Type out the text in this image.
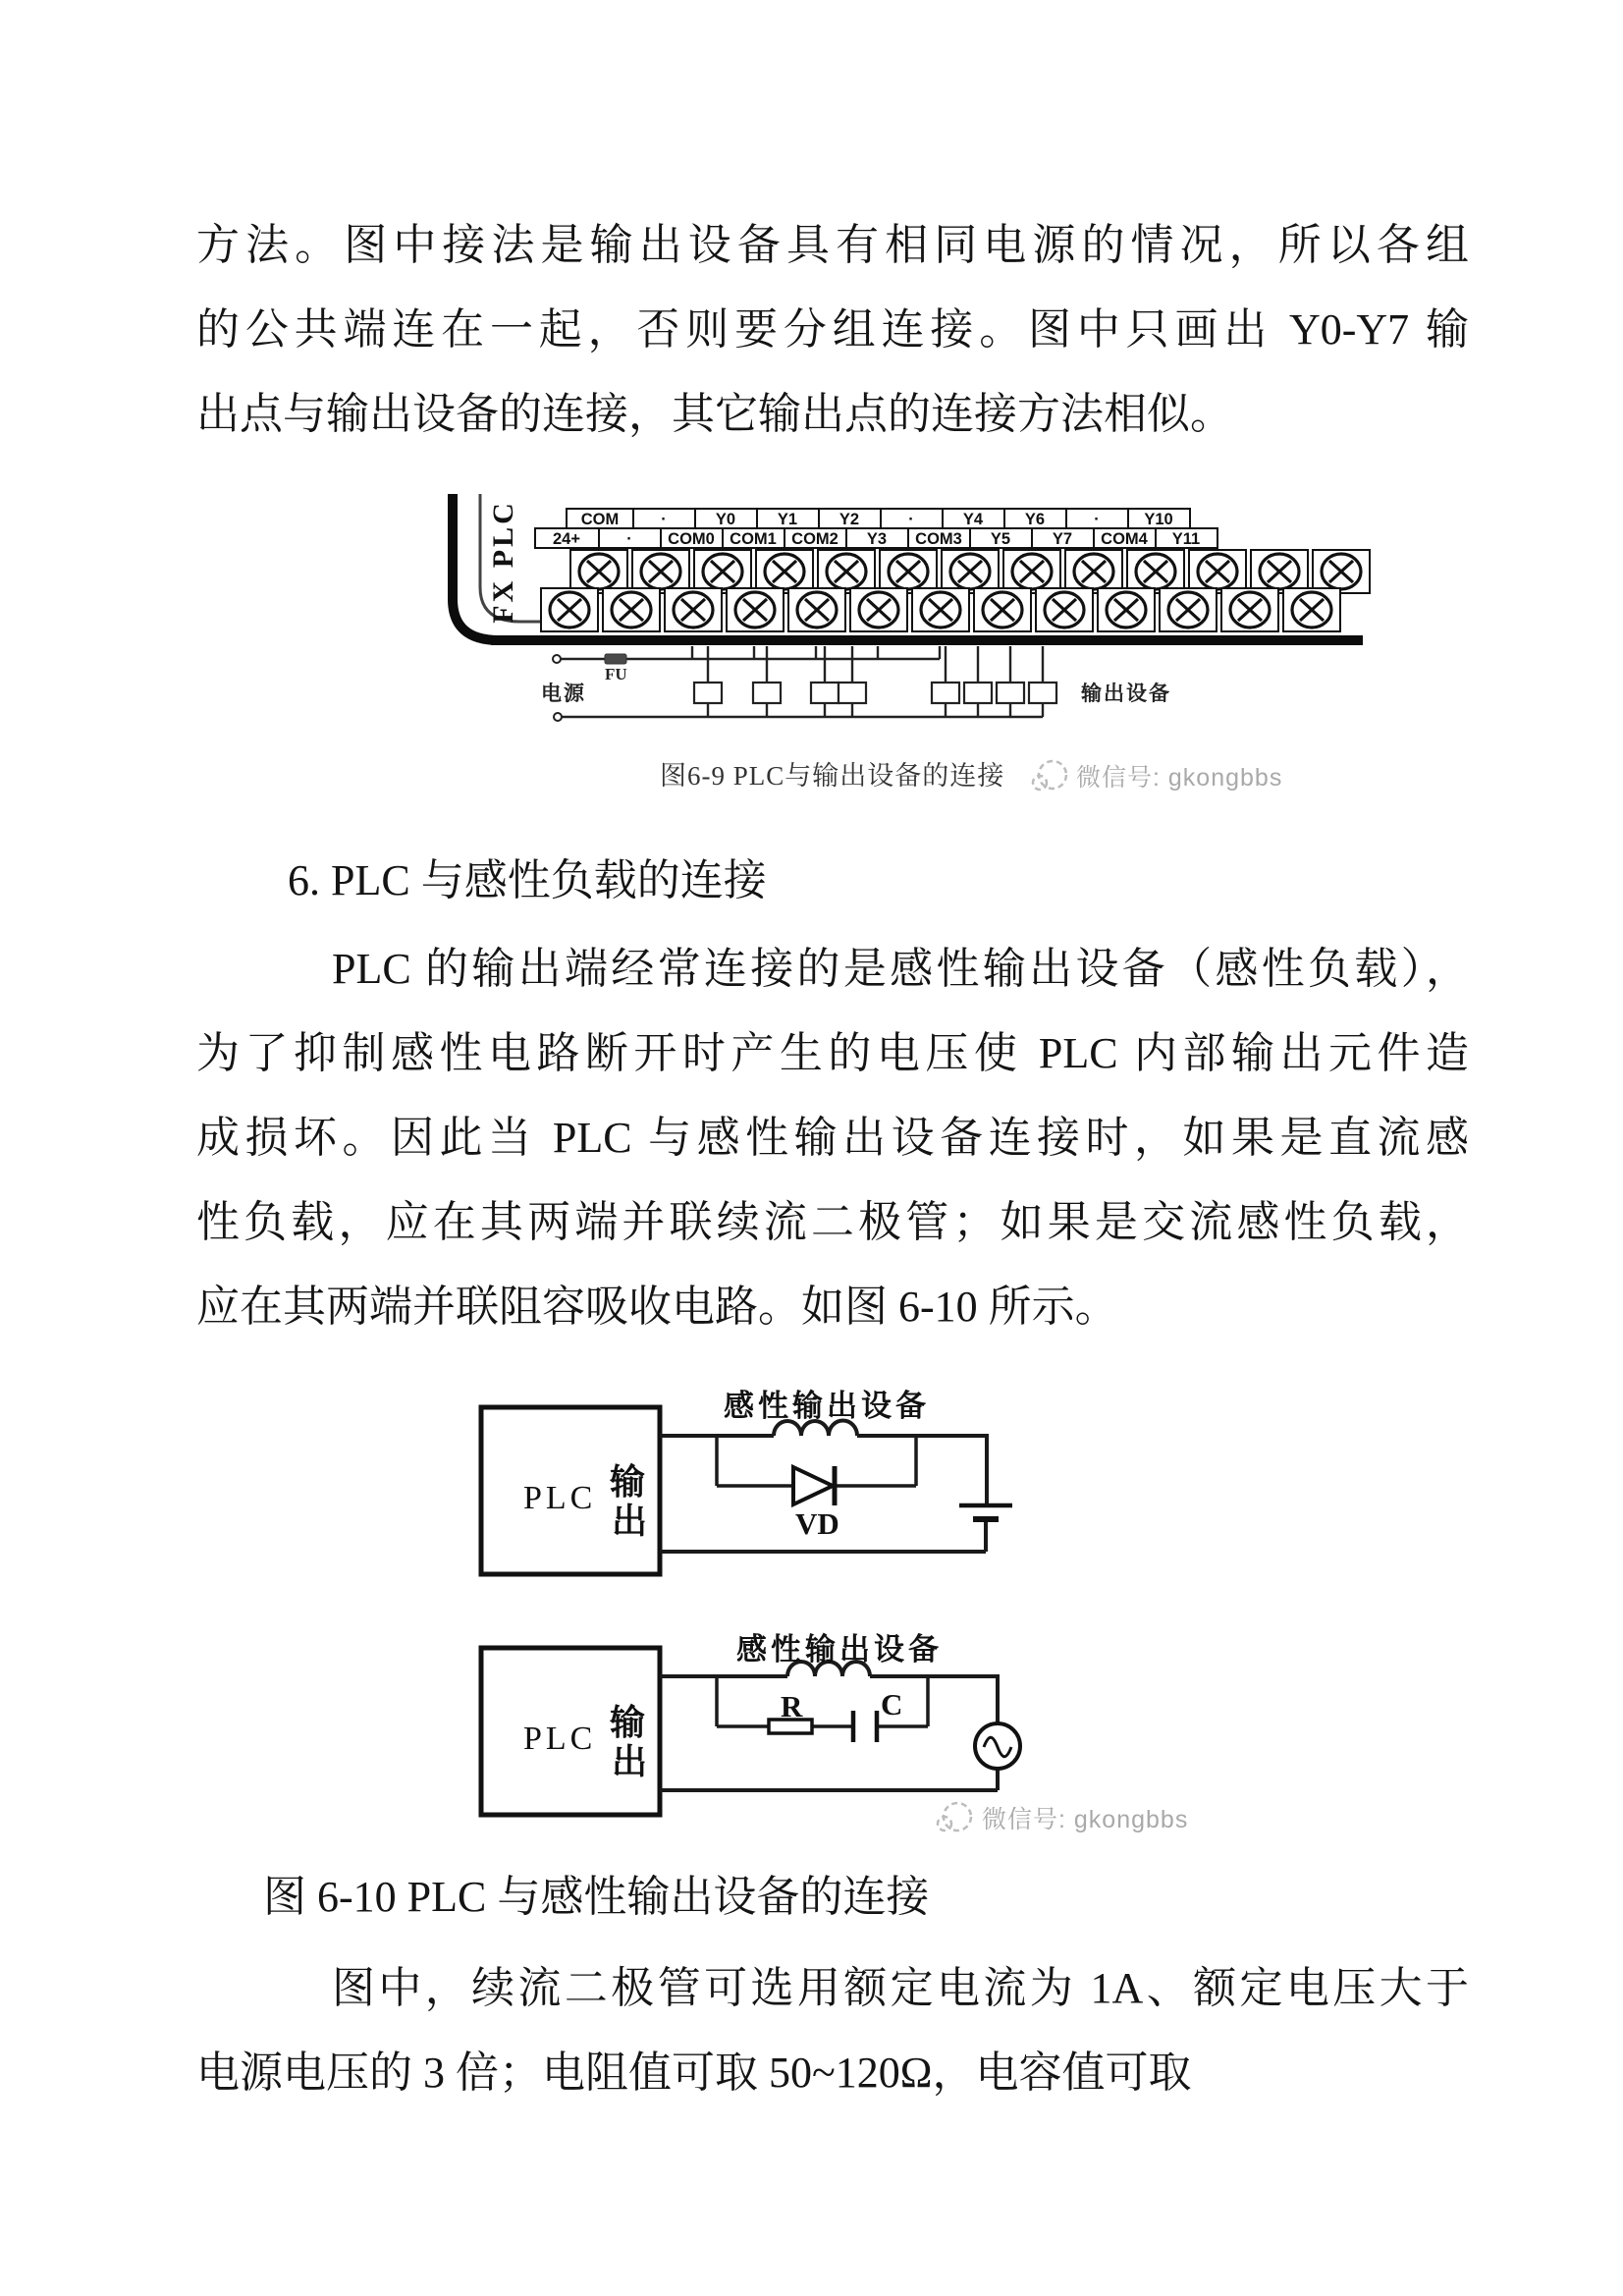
方法。图中接法是输出设备具有相同电源的情况，所以各组
的公共端连在一起，否则要分组连接。图中只画出 Y0-Y7 输
出点与输出设备的连接，其它输出点的连接方法相似。
FX PLC	COM	·	Y0	Y1	Y2	·	Y4	Y6	·	Y10
24+	· COM0 COM1 COM2 Y3 COM3 Y5	Y7 COM4 Y11
FU
电源	输出设备
图6-9 PLC与输出设备的连接	微信号: gkongbbs
6. PLC 与感性负载的连接
PLC 的输出端经常连接的是感性输出设备（感性负载），
为了抑制感性电路断开时产生的电压使 PLC 内部输出元件造
成损坏。因此当 PLC 与感性输出设备连接时，如果是直流感
性负载，应在其两端并联续流二极管；如果是交流感性负载，
应在其两端并联阻容吸收电路。如图 6-10 所示。
PLC 输
出
感性输出设备
VD
PLC 输
出
感性输出设备
R	C
微信号: gkongbbs
图 6-10 PLC 与感性输出设备的连接
图中，续流二极管可选用额定电流为 1A、额定电压大于
电源电压的 3 倍；电阻值可取 50~120Ω，电容值可取
